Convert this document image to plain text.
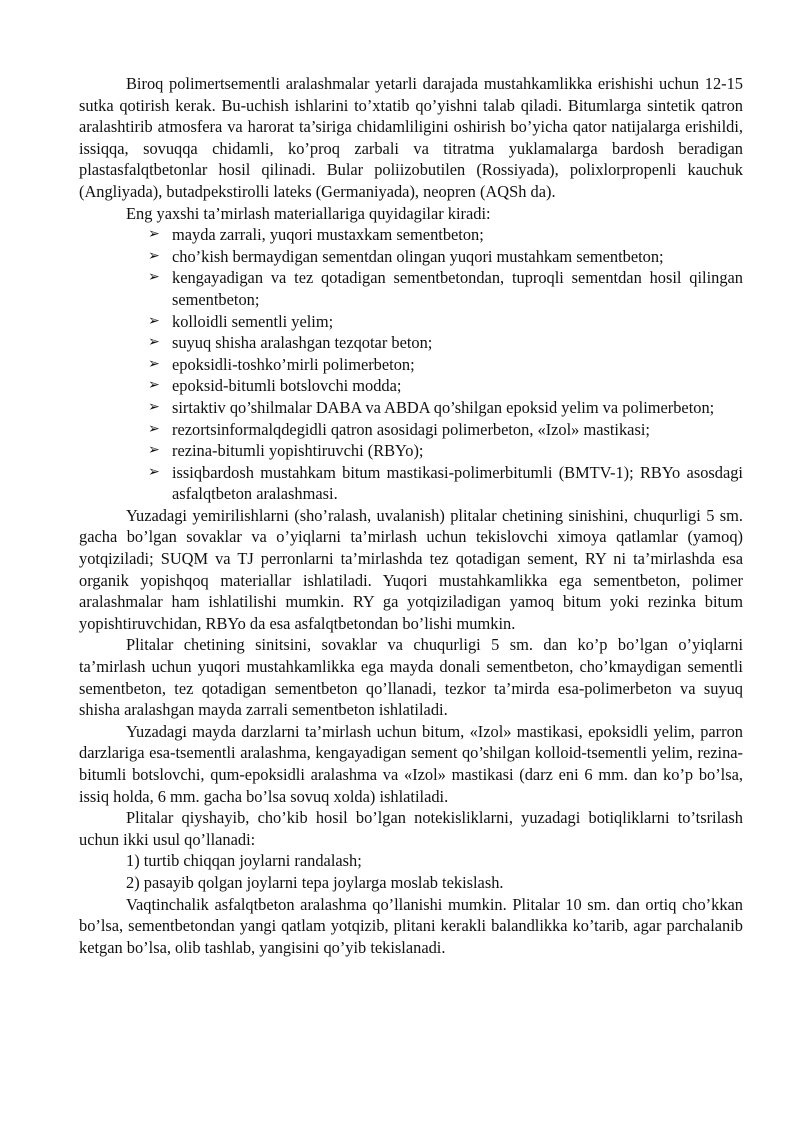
Biroq polimertsementli aralashmalar yetarli darajada mustahkamlikka erishishi uchun 12-15 sutka qotirish kerak. Bu-uchish ishlarini to’xtatib qo’yishni talab qiladi. Bitumlarga sintetik qatron aralashtirib atmosfera va harorat ta’siriga chidamliligini oshirish bo’yicha qator natijalarga erishildi, issiqqa, sovuqqa chidamli, ko’proq zarbali va titratma yuklamalarga bardosh beradigan plastasfalqtbetonlar hosil qilinadi. Bular poliizobutilen (Rossiyada), polixlorpropenli kauchuk (Angliyada), butadpekstirolli lateks (Germaniyada), neopren (AQSh da).

Eng yaxshi ta’mirlash materiallariga quyidagilar kiradi:

➢ mayda zarrali, yuqori mustaxkam sementbeton;
➢ cho’kish bermaydigan sementdan olingan yuqori mustahkam sementbeton;
➢ kengayadigan va tez qotadigan sementbetondan, tuproqli sementdan hosil qilingan sementbeton;
➢ kolloidli sementli yelim;
➢ suyuq shisha aralashgan tezqotar beton;
➢ epoksidli-toshko’mirli polimerbeton;
➢ epoksid-bitumli botslovchi modda;
➢ sirtaktiv qo’shilmalar DABA va ABDA qo’shilgan epoksid yelim va polimerbeton;
➢ rezortsinformalqdegidli qatron asosidagi polimerbeton, «Izol» mastikasi;
➢ rezina-bitumli yopishtiruvchi (RBYo);
➢ issiqbardosh mustahkam bitum mastikasi-polimerbitumli (BMTV-1); RBYo asosdagi asfalqtbeton aralashmasi.

Yuzadagi yemirilishlarni (sho’ralash, uvalanish) plitalar chetining sinishini, chuqurligi 5 sm. gacha bo’lgan sovaklar va o’yiqlarni ta’mirlash uchun tekislovchi ximoya qatlamlar (yamoq) yotqiziladi; SUQM va TJ perronlarni ta’mirlashda tez qotadigan sement, RY ni ta’mirlashda esa organik yopishqoq materiallar ishlatiladi. Yuqori mustahkamlikka ega sementbeton, polimer aralashmalar ham ishlatilishi mumkin. RY ga yotqiziladigan yamoq bitum yoki rezinka bitum yopishtiruvchidan, RBYo da esa asfalqtbetondan bo’lishi mumkin.

Plitalar chetining sinitsini, sovaklar va chuqurligi 5 sm. dan ko’p bo’lgan o’yiqlarni ta’mirlash uchun yuqori mustahkamlikka ega mayda donali sementbeton, cho’kmaydigan sementli sementbeton, tez qotadigan sementbeton qo’llanadi, tezkor ta’mirda esa-polimerbeton va suyuq shisha aralashgan mayda zarrali sementbeton ishlatiladi.

Yuzadagi mayda darzlarni ta’mirlash uchun bitum, «Izol» mastikasi, epoksidli yelim, parron darzlariga esa-tsementli aralashma, kengayadigan sement qo’shilgan kolloid-tsementli yelim, rezina-bitumli botslovchi, qum-epoksidli aralashma va «Izol» mastikasi (darz eni 6 mm. dan ko’p bo’lsa, issiq holda, 6 mm. gacha bo’lsa sovuq xolda) ishlatiladi.

Plitalar qiyshayib, cho’kib hosil bo’lgan notekisliklarni, yuzadagi botiqliklarni to’tsrilash uchun ikki usul qo’llanadi:

1) turtib chiqqan joylarni randalash;

2) pasayib qolgan joylarni tepa joylarga moslab tekislash.

Vaqtinchalik asfalqtbeton aralashma qo’llanishi mumkin. Plitalar 10 sm. dan ortiq cho’kkan bo’lsa, sementbetondan yangi qatlam yotqizib, plitani kerakli balandlikka ko’tarib, agar parchalanib ketgan bo’lsa, olib tashlab, yangisini qo’yib tekislanadi.
